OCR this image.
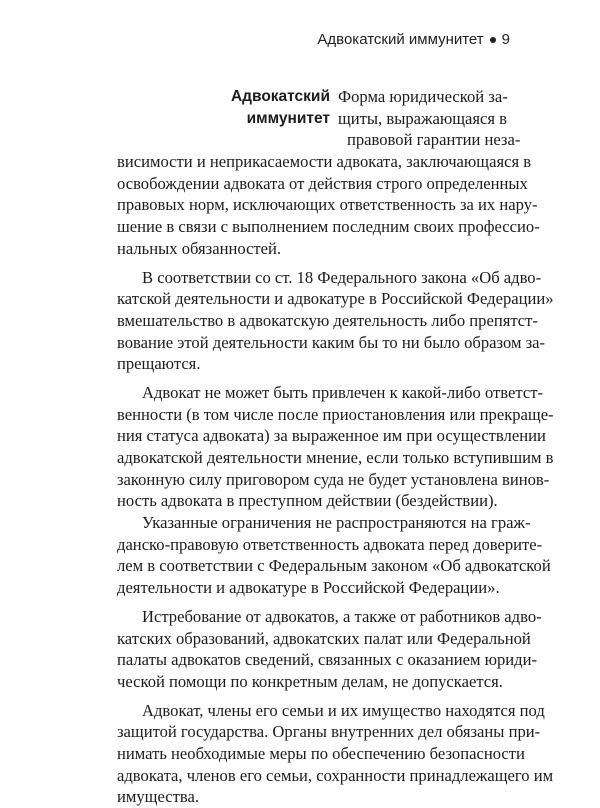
Адвокатский иммунитет 9
Адвокатский Форма юридической за-
иммунитет щиты, выражающаяся в
правовой гарантии неза-
висимости и неприкасаемости адвоката, заключающаяся в
освобождении адвоката от действия строго определенных
правовых норм, исключающих ответственность за их нару-
шение в связи с выполнением последним своих профессио-
нальных обязанностей.
В соответствии со ст. 18 Федерального закона «Об адво-
катской деятельности и адвокатуре в Российской Федерации»
вмешательство в адвокатскую деятельность либо препятст-
вование этой деятельности каким бы то ни было образом за-
прещаются.
Адвокат не может быть привлечен к какой-либо ответст-
венности (в том числе после приостановления или прекраще-
ния статуса адвоката) за выраженное им при осуществлении
адвокатской деятельности мнение, если только вступившим в
законную силу приговором суда не будет установлена винов-
ность адвоката в преступном действии (бездействии).
Указанные ограничения не распространяются на граж-
данско-правовую ответственность адвоката перед доверите-
лем в соответствии с Федеральным законом «Об адвокатской
деятельности и адвокатуре в Российской Федерации».
Истребование от адвокатов, а также от работников адво-
катских образований, адвокатских палат или Федеральной
палаты адвокатов сведений, связанных с оказанием юриди-
ческой помощи по конкретным делам, не допускается.
Адвокат, члены его семьи и их имущество находятся под
защитой государства. Органы внутренних дел обязаны при-
нимать необходимые меры по обеспечению безопасности
адвоката, членов его семьи, сохранности принадлежащего им
имущества.
